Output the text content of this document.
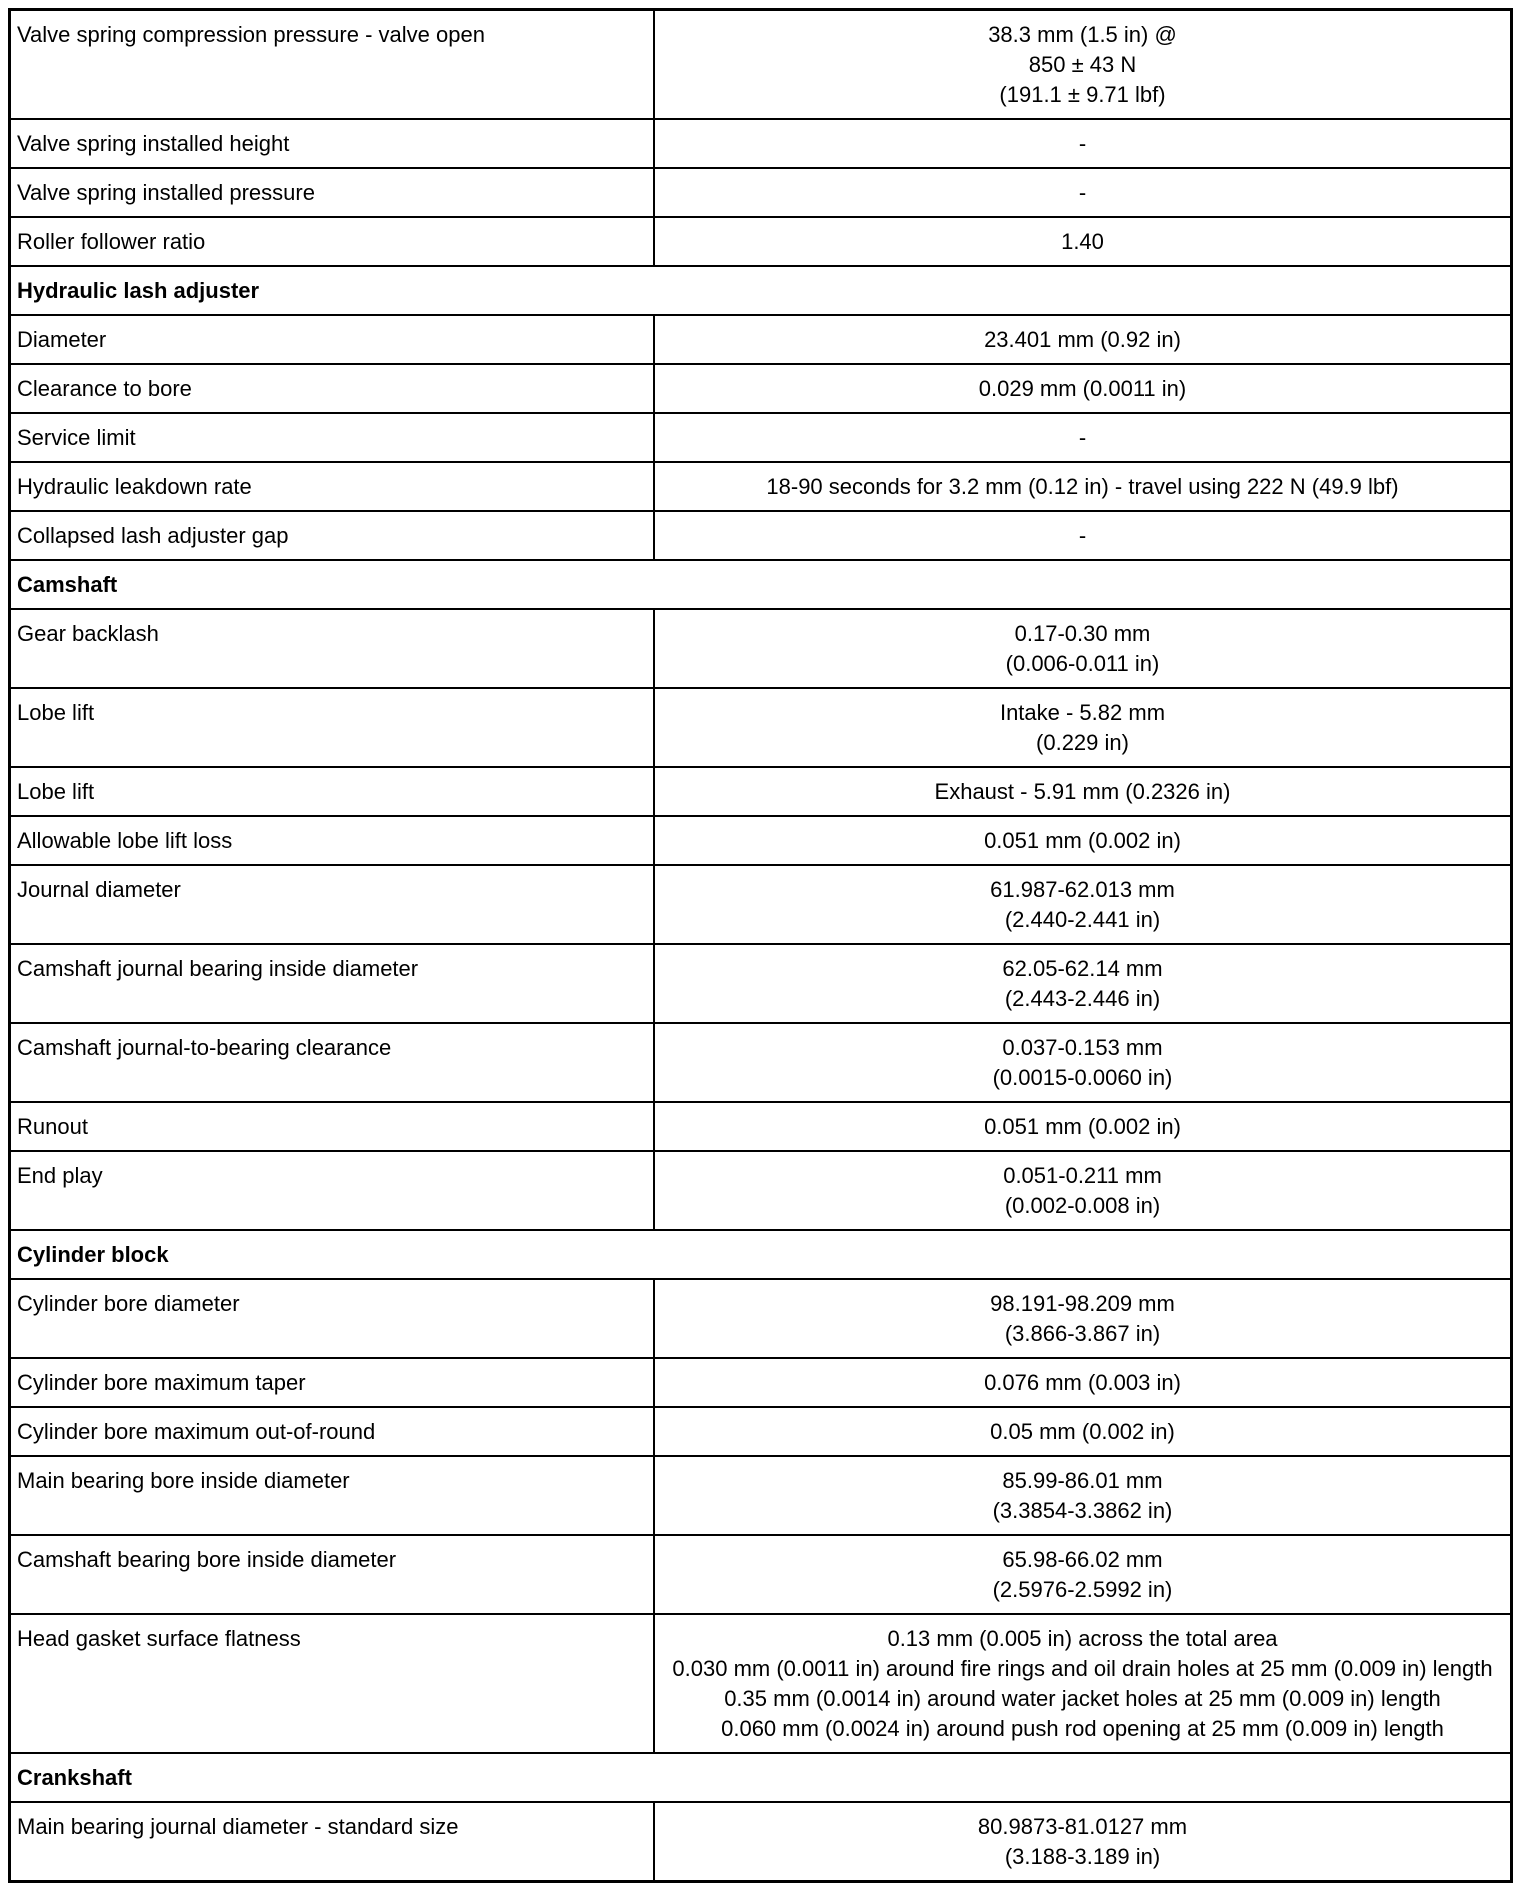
Valve spring compression pressure - valve open	38.3 mm (1.5 in) @
850 ± 43 N
(191.1 ± 9.71 lbf)

Valve spring installed height	-

Valve spring installed pressure	-

Roller follower ratio	1.40

Hydraulic lash adjuster	
Diameter	23.401 mm (0.92 in)

Clearance to bore	0.029 mm (0.0011 in)

Service limit	-

Hydraulic leakdown rate	18-90 seconds for 3.2 mm (0.12 in) - travel using 222 N (49.9 lbf)

Collapsed lash adjuster gap	-

Camshaft	
Gear backlash	0.17-0.30 mm
(0.006-0.011 in)

Lobe lift	Intake - 5.82 mm
(0.229 in)

Lobe lift	Exhaust - 5.91 mm (0.2326 in)

Allowable lobe lift loss	0.051 mm (0.002 in)

Journal diameter	61.987-62.013 mm
(2.440-2.441 in)

Camshaft journal bearing inside diameter	62.05-62.14 mm
(2.443-2.446 in)

Camshaft journal-to-bearing clearance	0.037-0.153 mm
(0.0015-0.0060 in)

Runout	0.051 mm (0.002 in)

End play	0.051-0.211 mm
(0.002-0.008 in)

Cylinder block	
Cylinder bore diameter	98.191-98.209 mm
(3.866-3.867 in)

Cylinder bore maximum taper	0.076 mm (0.003 in)

Cylinder bore maximum out-of-round	0.05 mm (0.002 in)

Main bearing bore inside diameter	85.99-86.01 mm
(3.3854-3.3862 in)

Camshaft bearing bore inside diameter	65.98-66.02 mm
(2.5976-2.5992 in)

Head gasket surface flatness	0.13 mm (0.005 in) across the total area
0.030 mm (0.0011 in) around fire rings and oil drain holes at 25 mm (0.009 in) length
0.35 mm (0.0014 in) around water jacket holes at 25 mm (0.009 in) length
0.060 mm (0.0024 in) around push rod opening at 25 mm (0.009 in) length

Crankshaft	
Main bearing journal diameter - standard size	80.9873-81.0127 mm
(3.188-3.189 in)
